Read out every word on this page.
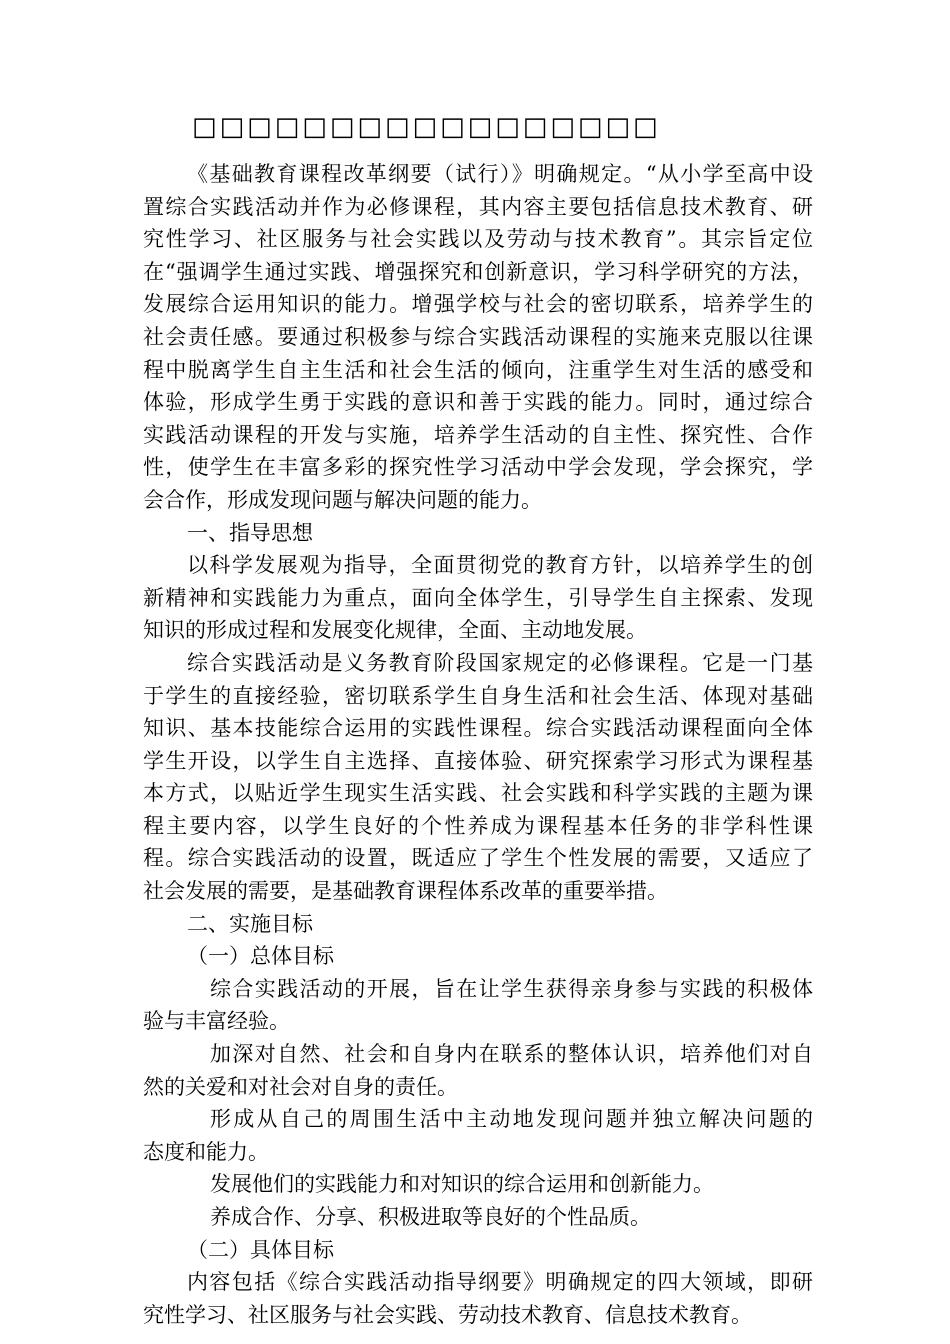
□□□□□□□□□□□□□□□□□
《基础教育课程改革纲要（试行）》明确规定。“从小学至高中设
置综合实践活动并作为必修课程，其内容主要包括信息技术教育、研
究性学习、社区服务与社会实践以及劳动与技术教育”。其宗旨定位
在“强调学生通过实践、增强探究和创新意识，学习科学研究的方法，
发展综合运用知识的能力。增强学校与社会的密切联系，培养学生的
社会责任感。要通过积极参与综合实践活动课程的实施来克服以往课
程中脱离学生自主生活和社会生活的倾向，注重学生对生活的感受和
体验，形成学生勇于实践的意识和善于实践的能力。同时，通过综合
实践活动课程的开发与实施，培养学生活动的自主性、探究性、合作
性，使学生在丰富多彩的探究性学习活动中学会发现，学会探究，学
会合作，形成发现问题与解决问题的能力。
一、指导思想
以科学发展观为指导，全面贯彻党的教育方针，以培养学生的创
新精神和实践能力为重点，面向全体学生，引导学生自主探索、发现
知识的形成过程和发展变化规律，全面、主动地发展。
综合实践活动是义务教育阶段国家规定的必修课程。它是一门基
于学生的直接经验，密切联系学生自身生活和社会生活、体现对基础
知识、基本技能综合运用的实践性课程。综合实践活动课程面向全体
学生开设，以学生自主选择、直接体验、研究探索学习形式为课程基
本方式，以贴近学生现实生活实践、社会实践和科学实践的主题为课
程主要内容，以学生良好的个性养成为课程基本任务的非学科性课
程。综合实践活动的设置，既适应了学生个性发展的需要，又适应了
社会发展的需要，是基础教育课程体系改革的重要举措。
二、实施目标
（一）总体目标
综合实践活动的开展，旨在让学生获得亲身参与实践的积极体
验与丰富经验。
加深对自然、社会和自身内在联系的整体认识，培养他们对自
然的关爱和对社会对自身的责任。
形成从自己的周围生活中主动地发现问题并独立解决问题的
态度和能力。
发展他们的实践能力和对知识的综合运用和创新能力。
养成合作、分享、积极进取等良好的个性品质。
（二）具体目标
内容包括《综合实践活动指导纲要》明确规定的四大领域，即研
究性学习、社区服务与社会实践、劳动技术教育、信息技术教育。
